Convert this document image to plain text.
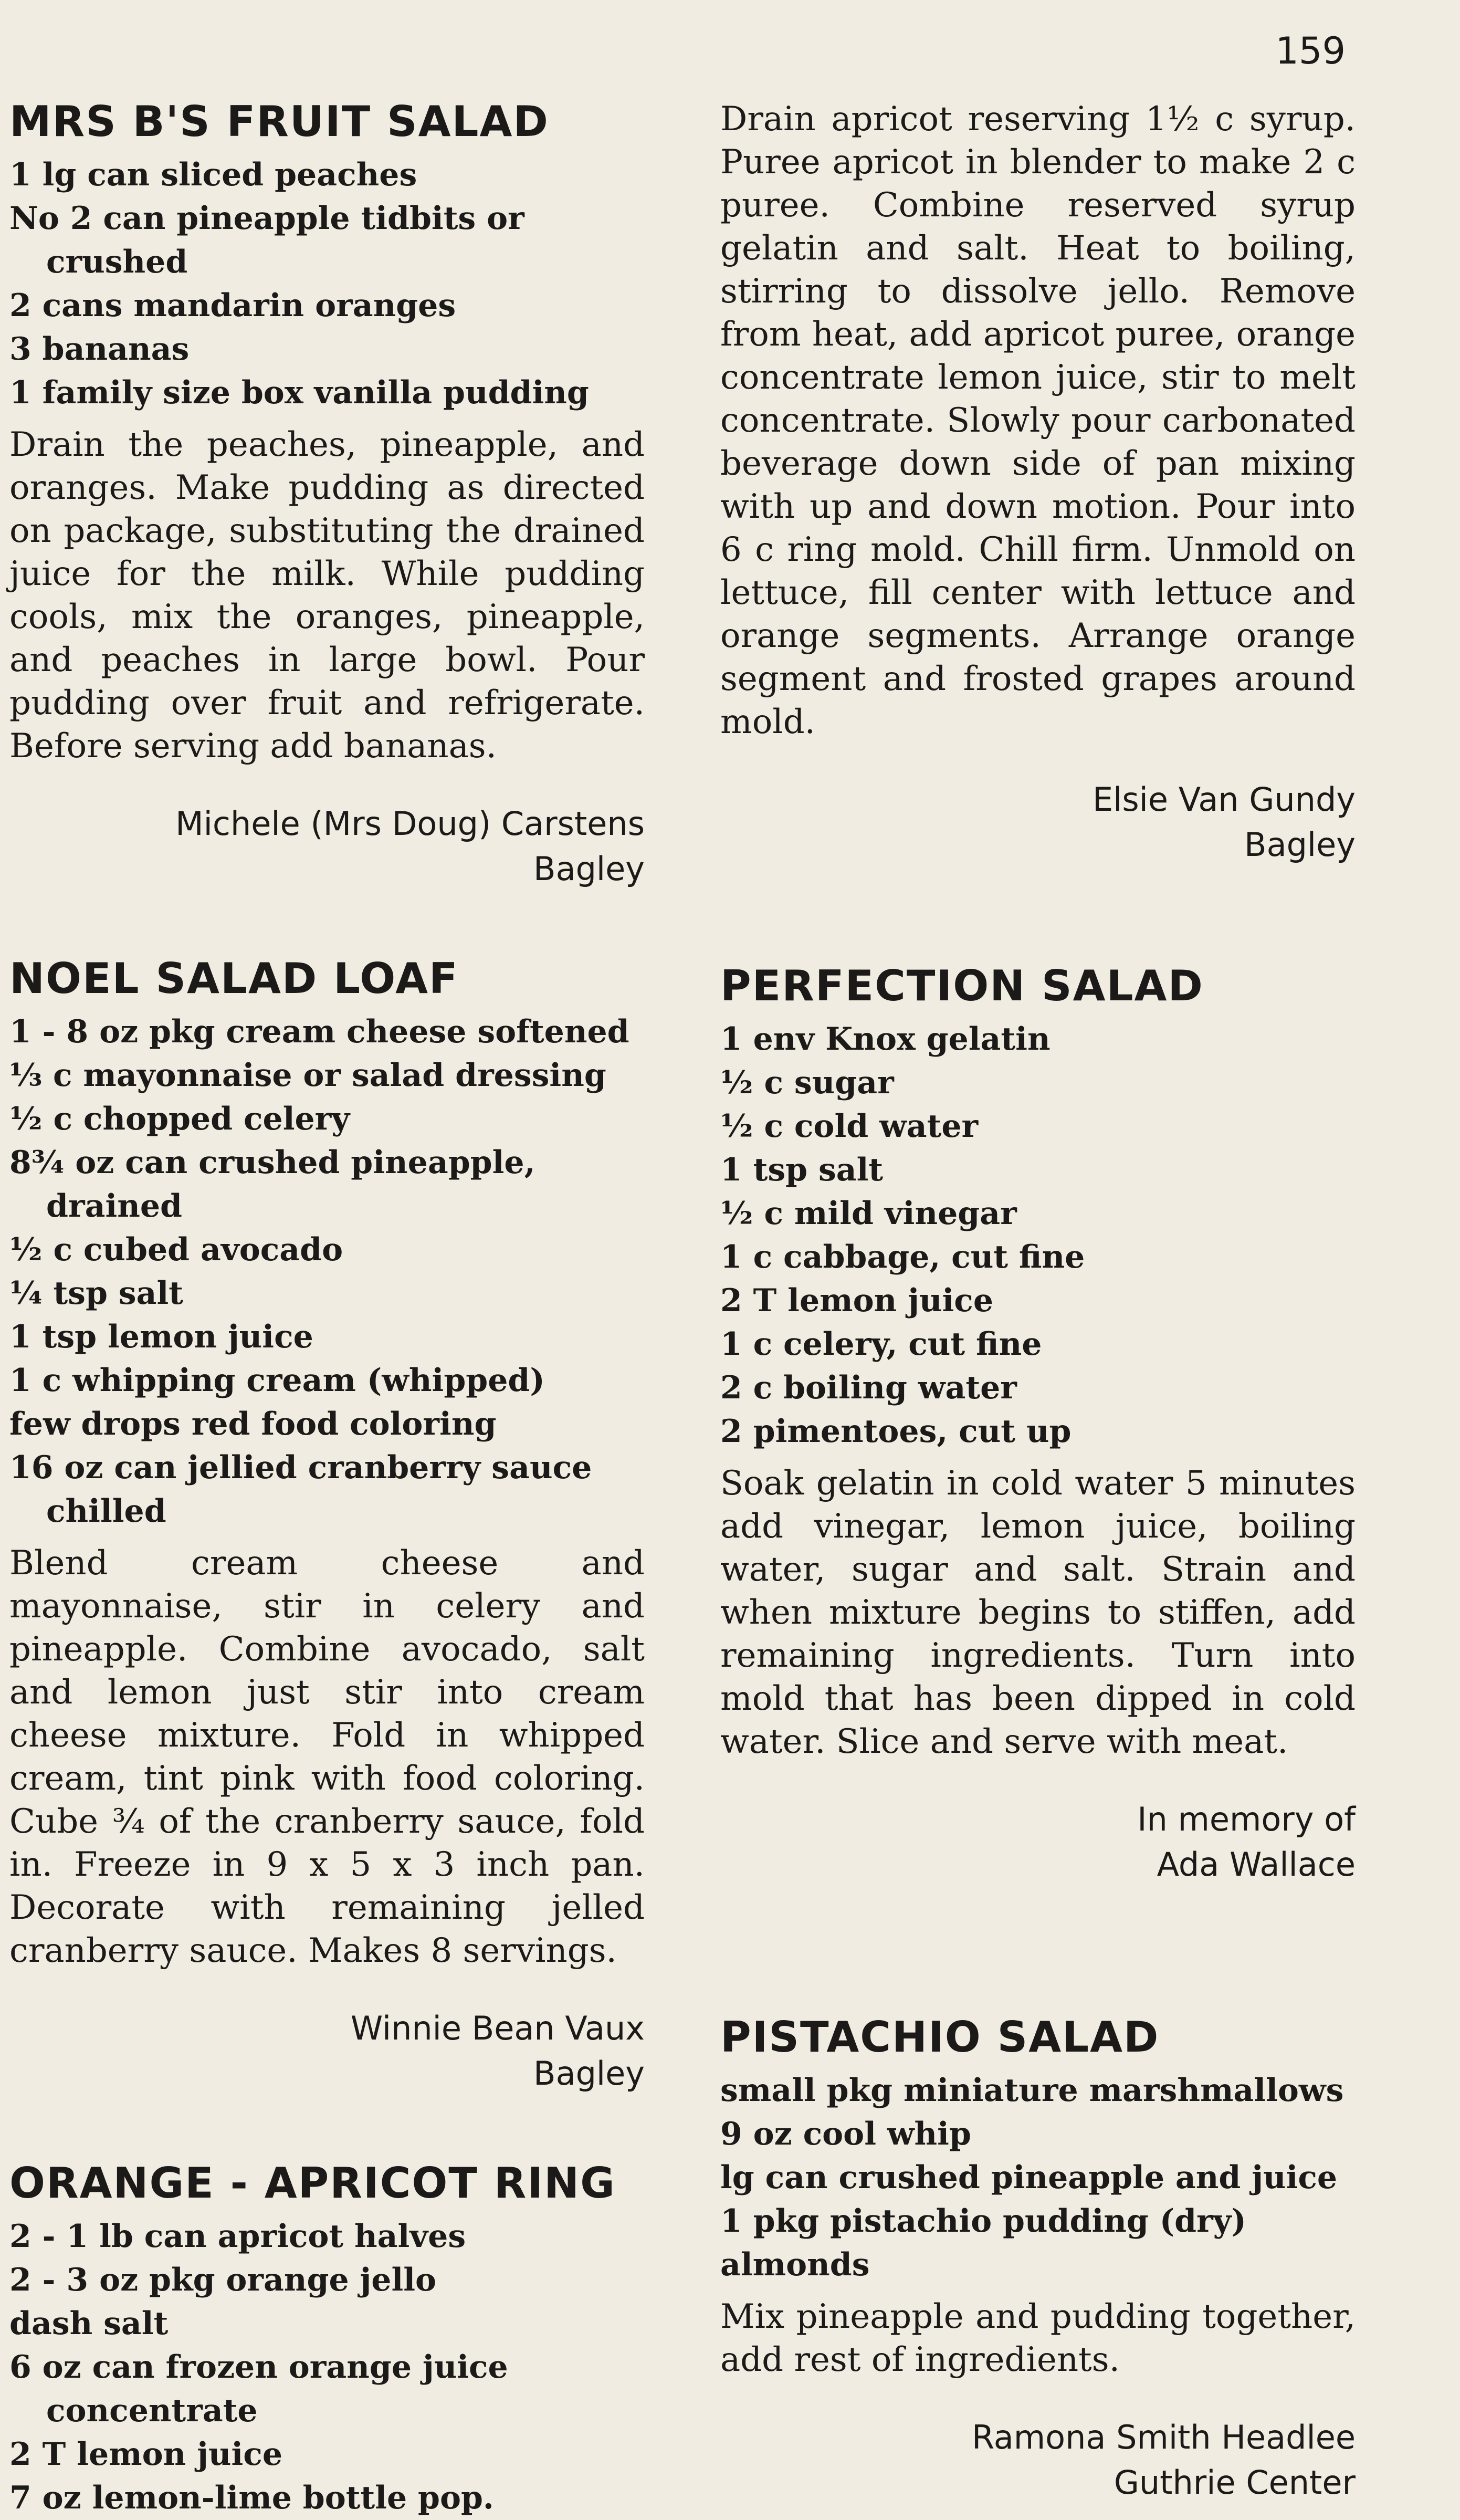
159
MRS B'S FRUIT SALAD
1 lg can sliced peaches
No 2 can pineapple tidbits or crushed
2 cans mandarin oranges
3 bananas
1 family size box vanilla pudding

Drain the peaches, pineapple, and oranges. Make pudding as directed on package, substituting the drained juice for the milk. While pudding cools, mix the oranges, pineapple, and peaches in large bowl. Pour pudding over fruit and refrigerate. Before serving add bananas.

Michele (Mrs Doug) Carstens
Bagley
NOEL SALAD LOAF
1 - 8 oz pkg cream cheese softened
⅓ c mayonnaise or salad dressing
½ c chopped celery
8¾ oz can crushed pineapple, drained
½ c cubed avocado
¼ tsp salt
1 tsp lemon juice
1 c whipping cream (whipped)
few drops red food coloring
16 oz can jellied cranberry sauce chilled

Blend cream cheese and mayonnaise, stir in celery and pineapple. Combine avocado, salt and lemon just stir into cream cheese mixture. Fold in whipped cream, tint pink with food coloring. Cube ¾ of the cranberry sauce, fold in. Freeze in 9 x 5 x 3 inch pan. Decorate with remaining jelled cranberry sauce. Makes 8 servings.

Winnie Bean Vaux
Bagley
ORANGE - APRICOT RING
2 - 1 lb can apricot halves
2 - 3 oz pkg orange jello
dash salt
6 oz can frozen orange juice concentrate
2 T lemon juice
7 oz lemon-lime bottle pop.

Drain apricot reserving 1½ c syrup. Puree apricot in blender to make 2 c puree. Combine reserved syrup gelatin and salt. Heat to boiling, stirring to dissolve jello. Remove from heat, add apricot puree, orange concentrate lemon juice, stir to melt concentrate. Slowly pour carbonated beverage down side of pan mixing with up and down motion. Pour into 6 c ring mold. Chill firm. Unmold on lettuce, fill center with lettuce and orange segments. Arrange orange segment and frosted grapes around mold.

Elsie Van Gundy
Bagley
PERFECTION SALAD
1 env Knox gelatin
½ c sugar
½ c cold water
1 tsp salt
½ c mild vinegar
1 c cabbage, cut fine
2 T lemon juice
1 c celery, cut fine
2 c boiling water
2 pimentoes, cut up

Soak gelatin in cold water 5 minutes add vinegar, lemon juice, boiling water, sugar and salt. Strain and when mixture begins to stiffen, add remaining ingredients. Turn into mold that has been dipped in cold water. Slice and serve with meat.

In memory of
Ada Wallace
PISTACHIO SALAD
small pkg miniature marshmallows
9 oz cool whip
lg can crushed pineapple and juice
1 pkg pistachio pudding (dry)
almonds

Mix pineapple and pudding together, add rest of ingredients.

Ramona Smith Headlee
Guthrie Center
